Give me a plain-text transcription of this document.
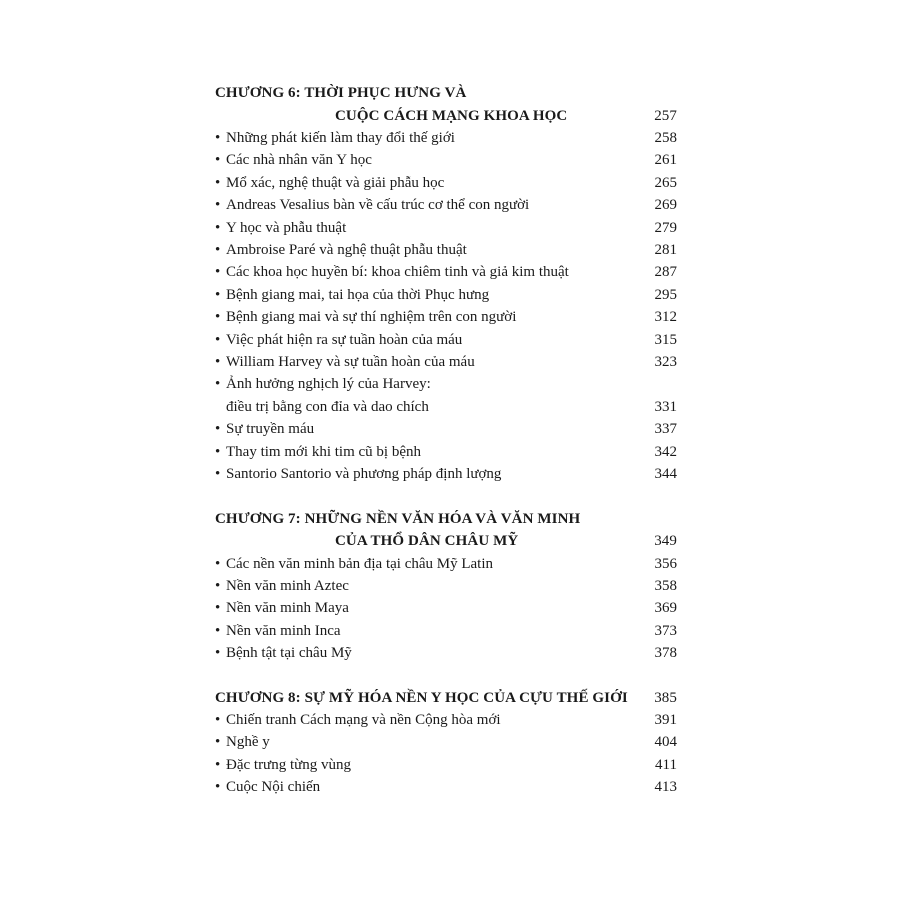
CHƯƠNG 6: THỜI PHỤC HƯNG VÀ
CUỘC CÁCH MẠNG KHOA HỌC	257
• Những phát kiến làm thay đổi thế giới	258
• Các nhà nhân văn Y học	261
• Mổ xác, nghệ thuật và giải phẫu học	265
• Andreas Vesalius bàn về cấu trúc cơ thể con người	269
• Y học và phẫu thuật	279
• Ambroise Paré và nghệ thuật phẫu thuật	281
• Các khoa học huyền bí: khoa chiêm tinh và giả kim thuật	287
• Bệnh giang mai, tai họa của thời Phục hưng	295
• Bệnh giang mai và sự thí nghiệm trên con người	312
• Việc phát hiện ra sự tuần hoàn của máu	315
• William Harvey và sự tuần hoàn của máu	323
• Ảnh hưởng nghịch lý của Harvey:
điều trị bằng con đỉa và dao chích	331
• Sự truyền máu	337
• Thay tim mới khi tim cũ bị bệnh	342
• Santorio Santorio và phương pháp định lượng	344
CHƯƠNG 7: NHỮNG NỀN VĂN HÓA VÀ VĂN MINH
CỦA THỔ DÂN CHÂU MỸ	349
• Các nền văn minh bản địa tại châu Mỹ Latin	356
• Nền văn minh Aztec	358
• Nền văn minh Maya	369
• Nền văn minh Inca	373
• Bệnh tật tại châu Mỹ	378
CHƯƠNG 8: SỰ MỸ HÓA NỀN Y HỌC CỦA CỰU THẾ GIỚI	385
• Chiến tranh Cách mạng và nền Cộng hòa mới	391
• Nghề y	404
• Đặc trưng từng vùng	411
• Cuộc Nội chiến	413
